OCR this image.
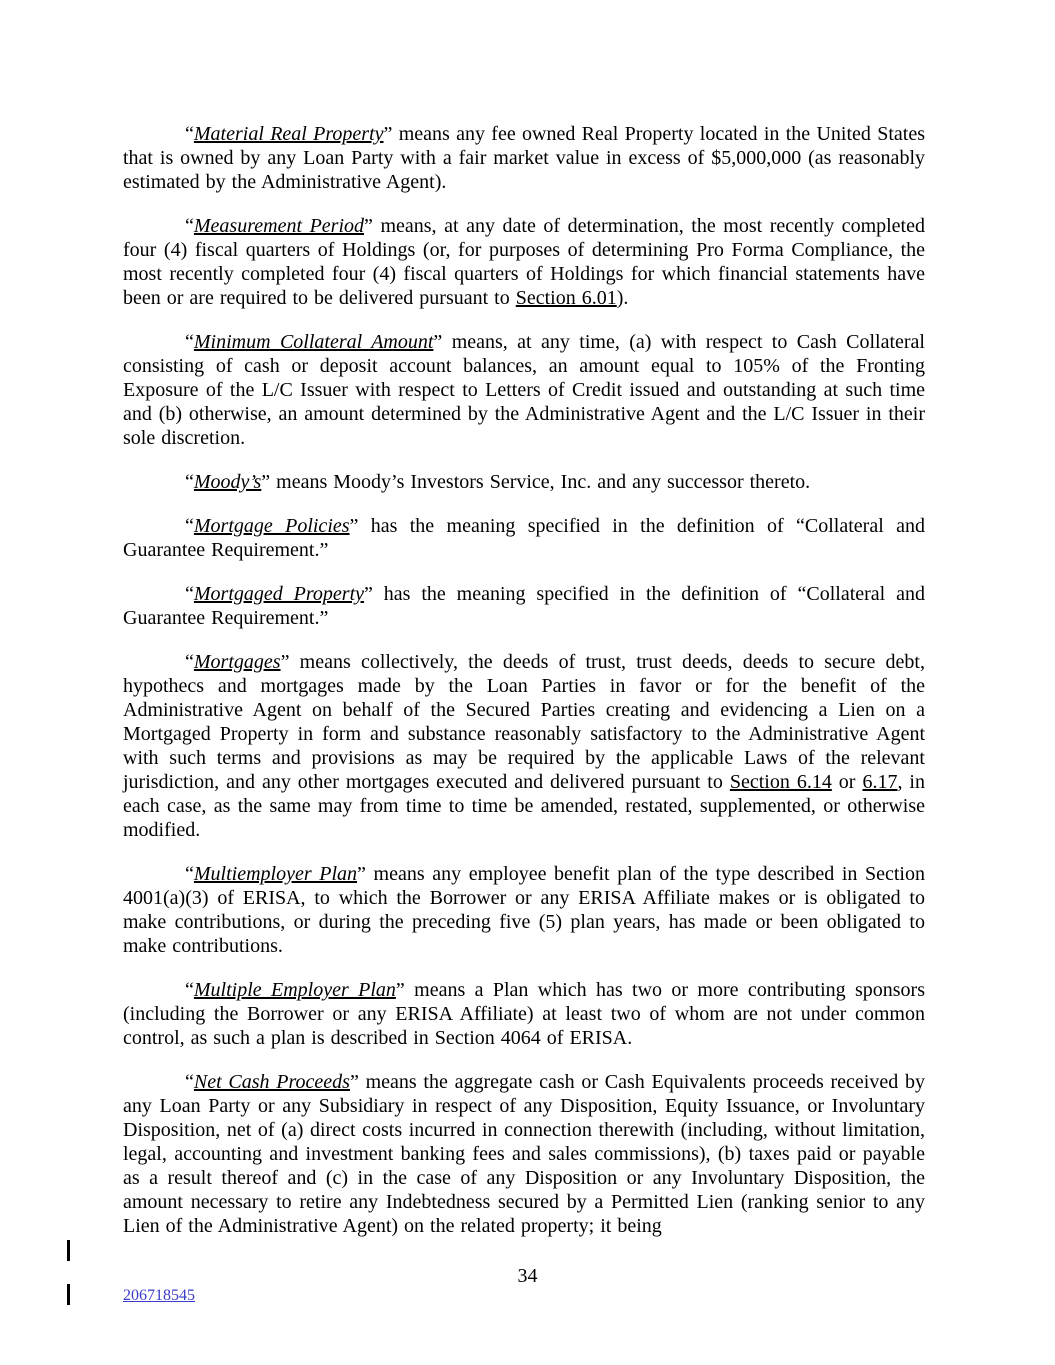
“Material Real Property” means any fee owned Real Property located in the United States that is owned by any Loan Party with a fair market value in excess of $5,000,000 (as reasonably estimated by the Administrative Agent).

“Measurement Period” means, at any date of determination, the most recently completed four (4) fiscal quarters of Holdings (or, for purposes of determining Pro Forma Compliance, the most recently completed four (4) fiscal quarters of Holdings for which financial statements have been or are required to be delivered pursuant to Section 6.01).

“Minimum Collateral Amount” means, at any time, (a) with respect to Cash Collateral consisting of cash or deposit account balances, an amount equal to 105% of the Fronting Exposure of the L/C Issuer with respect to Letters of Credit issued and outstanding at such time and (b) otherwise, an amount determined by the Administrative Agent and the L/C Issuer in their sole discretion.

“Moody’s” means Moody’s Investors Service, Inc. and any successor thereto.

“Mortgage Policies” has the meaning specified in the definition of “Collateral and Guarantee Requirement.”

“Mortgaged Property” has the meaning specified in the definition of “Collateral and Guarantee Requirement.”

“Mortgages” means collectively, the deeds of trust, trust deeds, deeds to secure debt, hypothecs and mortgages made by the Loan Parties in favor or for the benefit of the Administrative Agent on behalf of the Secured Parties creating and evidencing a Lien on a Mortgaged Property in form and substance reasonably satisfactory to the Administrative Agent with such terms and provisions as may be required by the applicable Laws of the relevant jurisdiction, and any other mortgages executed and delivered pursuant to Section 6.14 or 6.17, in each case, as the same may from time to time be amended, restated, supplemented, or otherwise modified.

“Multiemployer Plan” means any employee benefit plan of the type described in Section 4001(a)(3) of ERISA, to which the Borrower or any ERISA Affiliate makes or is obligated to make contributions, or during the preceding five (5) plan years, has made or been obligated to make contributions.

“Multiple Employer Plan” means a Plan which has two or more contributing sponsors (including the Borrower or any ERISA Affiliate) at least two of whom are not under common control, as such a plan is described in Section 4064 of ERISA.

“Net Cash Proceeds” means the aggregate cash or Cash Equivalents proceeds received by any Loan Party or any Subsidiary in respect of any Disposition, Equity Issuance, or Involuntary Disposition, net of (a) direct costs incurred in connection therewith (including, without limitation, legal, accounting and investment banking fees and sales commissions), (b) taxes paid or payable as a result thereof and (c) in the case of any Disposition or any Involuntary Disposition, the amount necessary to retire any Indebtedness secured by a Permitted Lien (ranking senior to any Lien of the Administrative Agent) on the related property; it being

34
206718545
